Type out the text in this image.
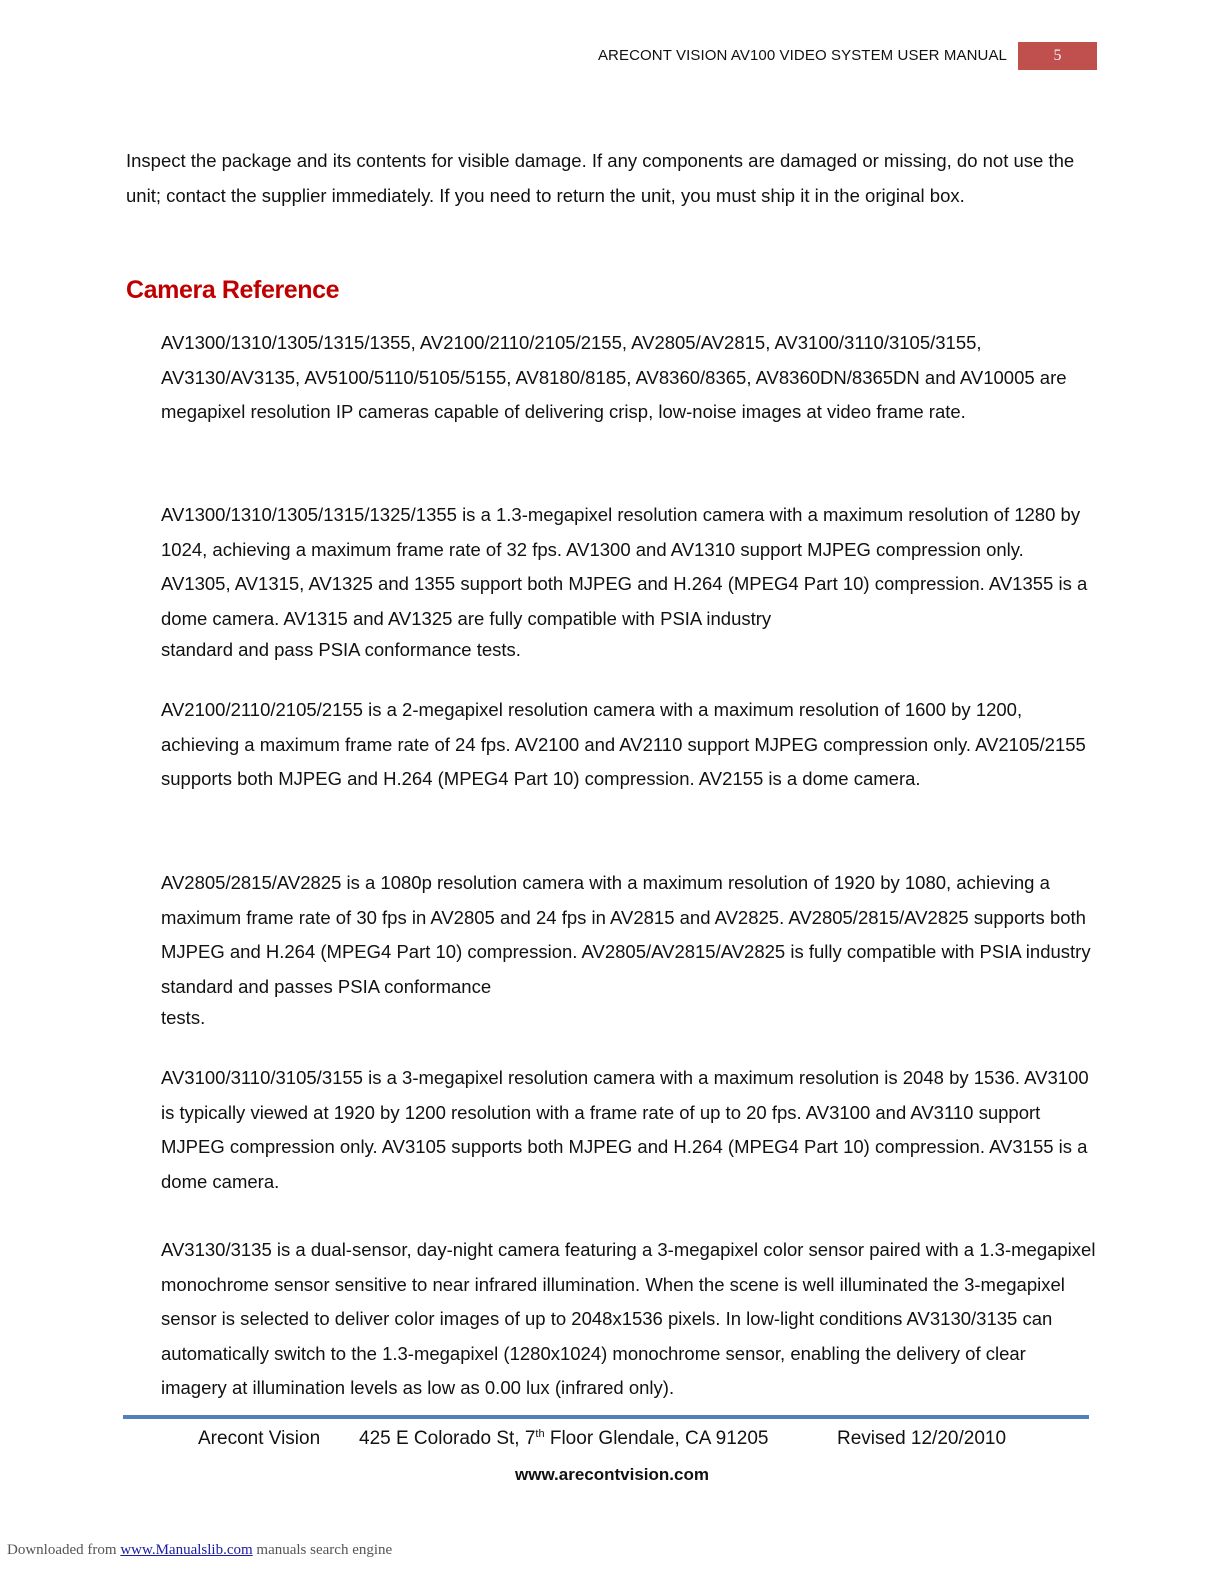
ARECONT VISION AV100 VIDEO SYSTEM USER MANUAL	5

Inspect the package and its contents for visible damage. If any components are damaged or missing, do not use the unit; contact the supplier immediately. If you need to return the unit, you must ship it in the original box.

Camera Reference

AV1300/1310/1305/1315/1355, AV2100/2110/2105/2155, AV2805/AV2815, AV3100/3110/3105/3155, AV3130/AV3135, AV5100/5110/5105/5155, AV8180/8185, AV8360/8365, AV8360DN/8365DN and AV10005 are megapixel resolution IP cameras capable of delivering crisp, low-noise images at video frame rate.

AV1300/1310/1305/1315/1325/1355 is a 1.3-megapixel resolution camera with a maximum resolution of 1280 by 1024, achieving a maximum frame rate of 32 fps. AV1300 and AV1310 support MJPEG compression only. AV1305, AV1315, AV1325 and 1355 support both MJPEG and H.264 (MPEG4 Part 10) compression. AV1355 is a dome camera. AV1315 and AV1325 are fully compatible with PSIA industry
standard and pass PSIA conformance tests.

AV2100/2110/2105/2155 is a 2-megapixel resolution camera with a maximum resolution of 1600 by 1200, achieving a maximum frame rate of 24 fps. AV2100 and AV2110 support MJPEG compression only. AV2105/2155 supports both MJPEG and H.264 (MPEG4 Part 10) compression. AV2155 is a dome camera.

AV2805/2815/AV2825 is a 1080p resolution camera with a maximum resolution of 1920 by 1080, achieving a maximum frame rate of 30 fps in AV2805 and 24 fps in AV2815 and AV2825. AV2805/2815/AV2825 supports both MJPEG and H.264 (MPEG4 Part 10) compression. AV2805/AV2815/AV2825 is fully compatible with PSIA industry standard and passes PSIA conformance
tests.

AV3100/3110/3105/3155 is a 3-megapixel resolution camera with a maximum resolution is 2048 by 1536. AV3100 is typically viewed at 1920 by 1200 resolution with a frame rate of up to 20 fps. AV3100 and AV3110 support MJPEG compression only. AV3105 supports both MJPEG and H.264 (MPEG4 Part 10) compression. AV3155 is a dome camera.

AV3130/3135 is a dual-sensor, day-night camera featuring a 3-megapixel color sensor paired with a 1.3-megapixel monochrome sensor sensitive to near infrared illumination. When the scene is well illuminated the 3-megapixel sensor is selected to deliver color images of up to 2048x1536 pixels. In low-light conditions AV3130/3135 can automatically switch to the 1.3-megapixel (1280x1024) monochrome sensor, enabling the delivery of clear imagery at illumination levels as low as 0.00 lux (infrared only).

Arecont Vision 425 E Colorado St, 7th Floor Glendale, CA 91205	Revised 12/20/2010
www.arecontvision.com
Downloaded from www.Manualslib.com manuals search engine
